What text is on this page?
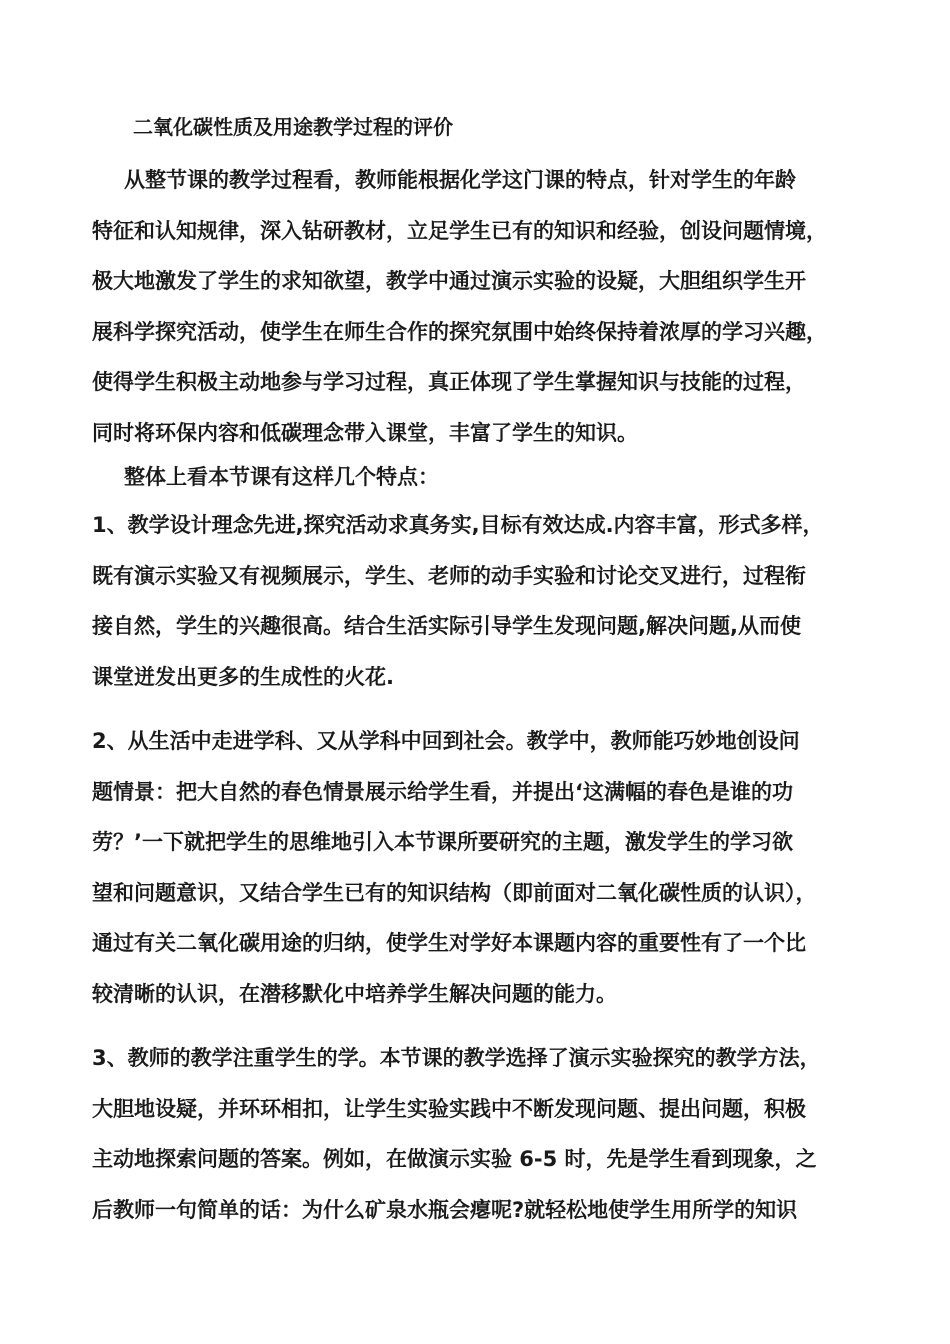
二氧化碳性质及用途教学过程的评价

从整节课的教学过程看，教师能根据化学这门课的特点，针对学生的年龄
特征和认知规律，深入钻研教材，立足学生已有的知识和经验，创设问题情境，
极大地激发了学生的求知欲望，教学中通过演示实验的设疑，大胆组织学生开
展科学探究活动，使学生在师生合作的探究氛围中始终保持着浓厚的学习兴趣，
使得学生积极主动地参与学习过程，真正体现了学生掌握知识与技能的过程，
同时将环保内容和低碳理念带入课堂，丰富了学生的知识。

整体上看本节课有这样几个特点：

1、教学设计理念先进,探究活动求真务实,目标有效达成.内容丰富，形式多样，
既有演示实验又有视频展示，学生、老师的动手实验和讨论交叉进行，过程衔
接自然，学生的兴趣很高。结合生活实际引导学生发现问题,解决问题,从而使
课堂迸发出更多的生成性的火花.

2、从生活中走进学科、又从学科中回到社会。教学中，教师能巧妙地创设问
题情景：把大自然的春色情景展示给学生看，并提出‘这满幅的春色是谁的功
劳？’一下就把学生的思维地引入本节课所要研究的主题，激发学生的学习欲
望和问题意识，又结合学生已有的知识结构（即前面对二氧化碳性质的认识），
通过有关二氧化碳用途的归纳，使学生对学好本课题内容的重要性有了一个比
较清晰的认识，在潜移默化中培养学生解决问题的能力。

3、教师的教学注重学生的学。本节课的教学选择了演示实验探究的教学方法，
大胆地设疑，并环环相扣，让学生实验实践中不断发现问题、提出问题，积极
主动地探索问题的答案。例如，在做演示实验 6-5 时，先是学生看到现象，之
后教师一句简单的话：为什么矿泉水瓶会瘪呢?就轻松地使学生用所学的知识
